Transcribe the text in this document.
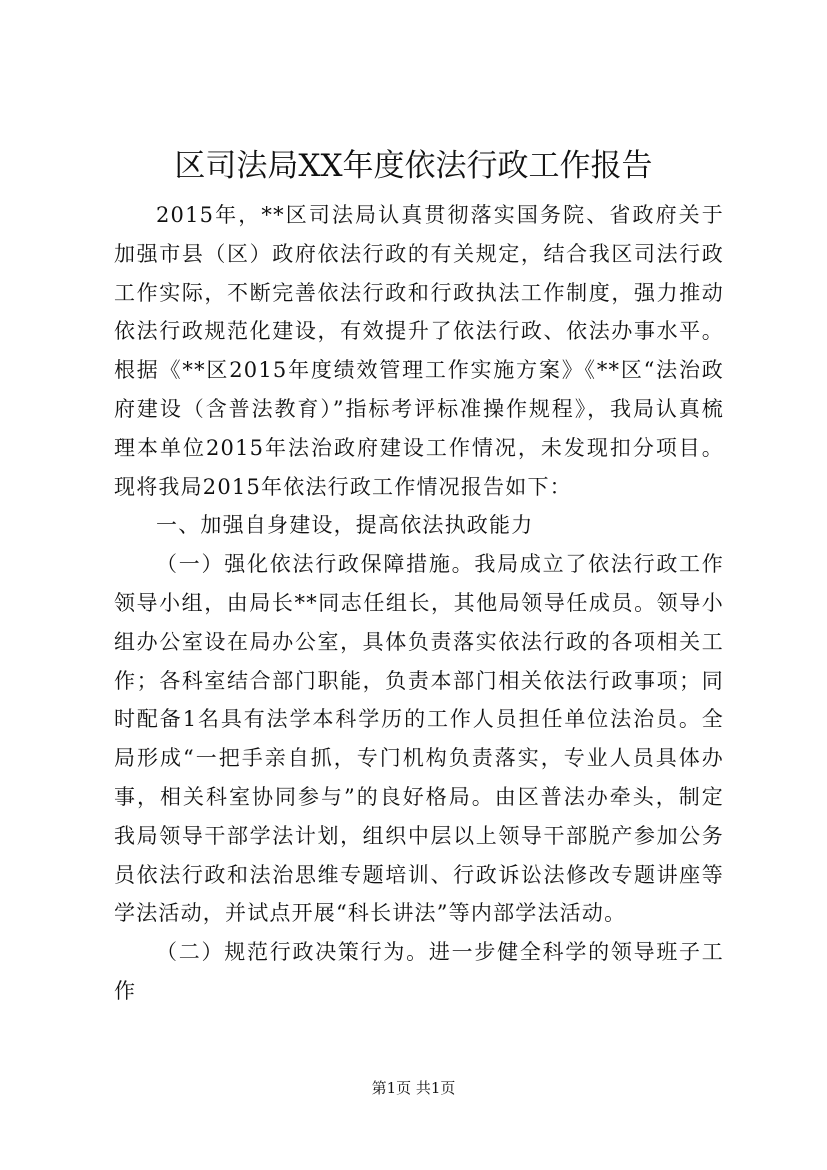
区司法局XX年度依法行政工作报告

2015年，**区司法局认真贯彻落实国务院、省政府关于加强市县（区）政府依法行政的有关规定，结合我区司法行政工作实际，不断完善依法行政和行政执法工作制度，强力推动依法行政规范化建设，有效提升了依法行政、依法办事水平。根据《**区2015年度绩效管理工作实施方案》《**区“法治政府建设（含普法教育）”指标考评标准操作规程》，我局认真梳理本单位2015年法治政府建设工作情况，未发现扣分项目。现将我局2015年依法行政工作情况报告如下：

一、加强自身建设，提高依法执政能力

（一）强化依法行政保障措施。我局成立了依法行政工作领导小组，由局长**同志任组长，其他局领导任成员。领导小组办公室设在局办公室，具体负责落实依法行政的各项相关工作；各科室结合部门职能，负责本部门相关依法行政事项；同时配备1名具有法学本科学历的工作人员担任单位法治员。全局形成“一把手亲自抓，专门机构负责落实，专业人员具体办事，相关科室协同参与”的良好格局。由区普法办牵头，制定我局领导干部学法计划，组织中层以上领导干部脱产参加公务员依法行政和法治思维专题培训、行政诉讼法修改专题讲座等学法活动，并试点开展“科长讲法”等内部学法活动。

（二）规范行政决策行为。进一步健全科学的领导班子工作

第1页 共1页
